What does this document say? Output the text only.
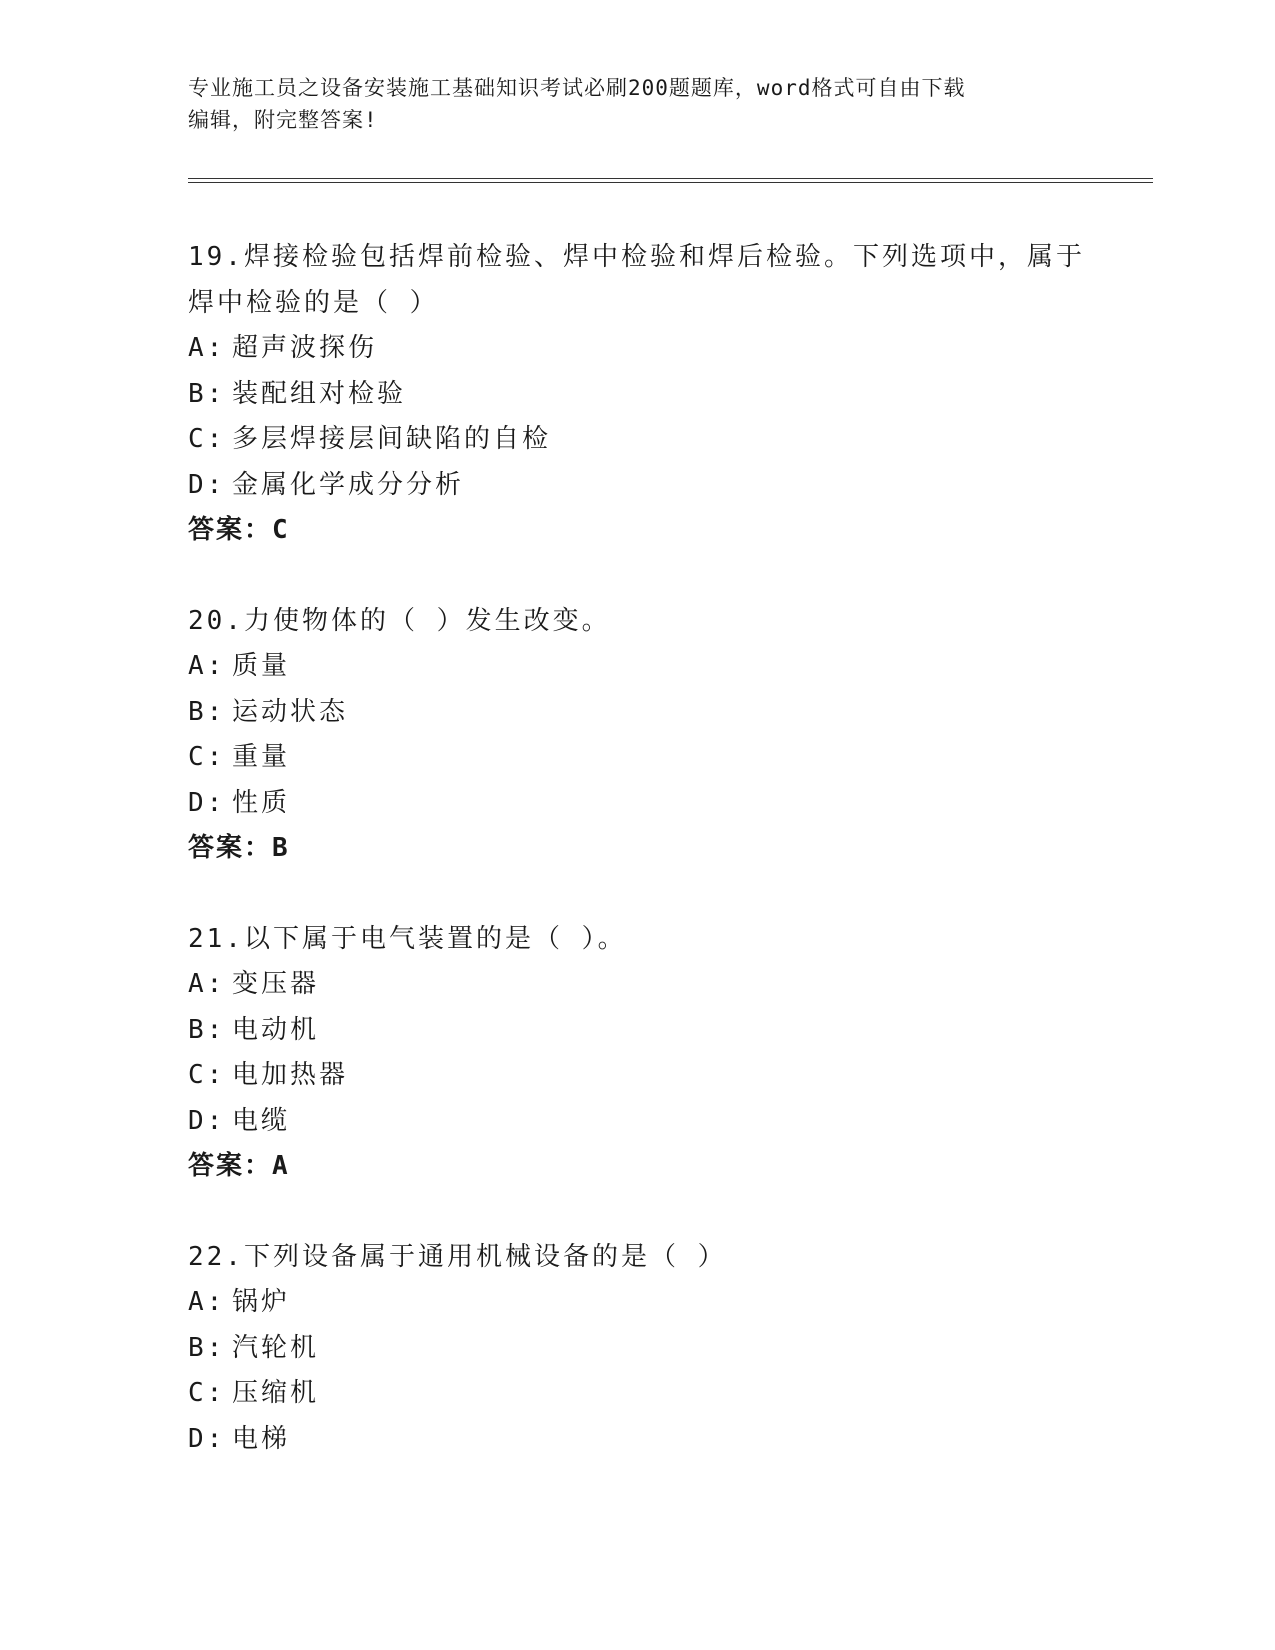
专业施工员之设备安装施工基础知识考试必刷200题题库，word格式可自由下载
编辑，附完整答案!

19.焊接检验包括焊前检验、焊中检验和焊后检验。下列选项中，属于

焊中检验的是（ ）

A: 超声波探伤

B: 装配组对检验

C: 多层焊接层间缺陷的自检

D: 金属化学成分分析

答案：C

20.力使物体的（ ）发生改变。

A: 质量

B: 运动状态

C: 重量

D: 性质

答案：B

21.以下属于电气装置的是（ ）。

A: 变压器

B: 电动机

C: 电加热器

D: 电缆

答案：A

22.下列设备属于通用机械设备的是（ ）

A: 锅炉

B: 汽轮机

C: 压缩机

D: 电梯
